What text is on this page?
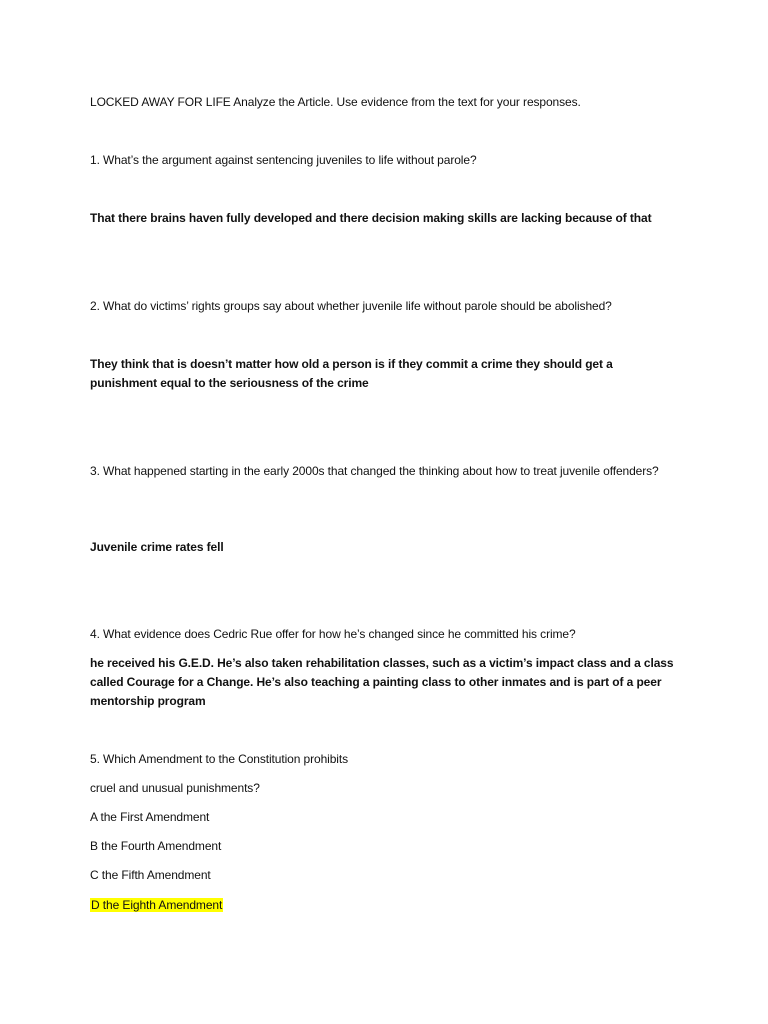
LOCKED AWAY FOR LIFE Analyze the Article. Use evidence from the text for your responses.
1. What’s the argument against sentencing juveniles to life without parole?
That there brains haven fully developed and there decision making skills are lacking because of that
2. What do victims’ rights groups say about whether juvenile life without parole should be abolished?
They think that is doesn’t matter how old a person is if they commit a crime they should get a punishment equal to the seriousness of the crime
3. What happened starting in the early 2000s that changed the thinking about how to treat juvenile offenders?
Juvenile crime rates fell
4. What evidence does Cedric Rue offer for how he’s changed since he committed his crime?
he received his G.E.D. He’s also taken rehabilitation classes, such as a victim’s impact class and a class called Courage for a Change. He’s also teaching a painting class to other inmates and is part of a peer mentorship program
5. Which Amendment to the Constitution prohibits
cruel and unusual punishments?
A the First Amendment
B the Fourth Amendment
C the Fifth Amendment
D the Eighth Amendment
